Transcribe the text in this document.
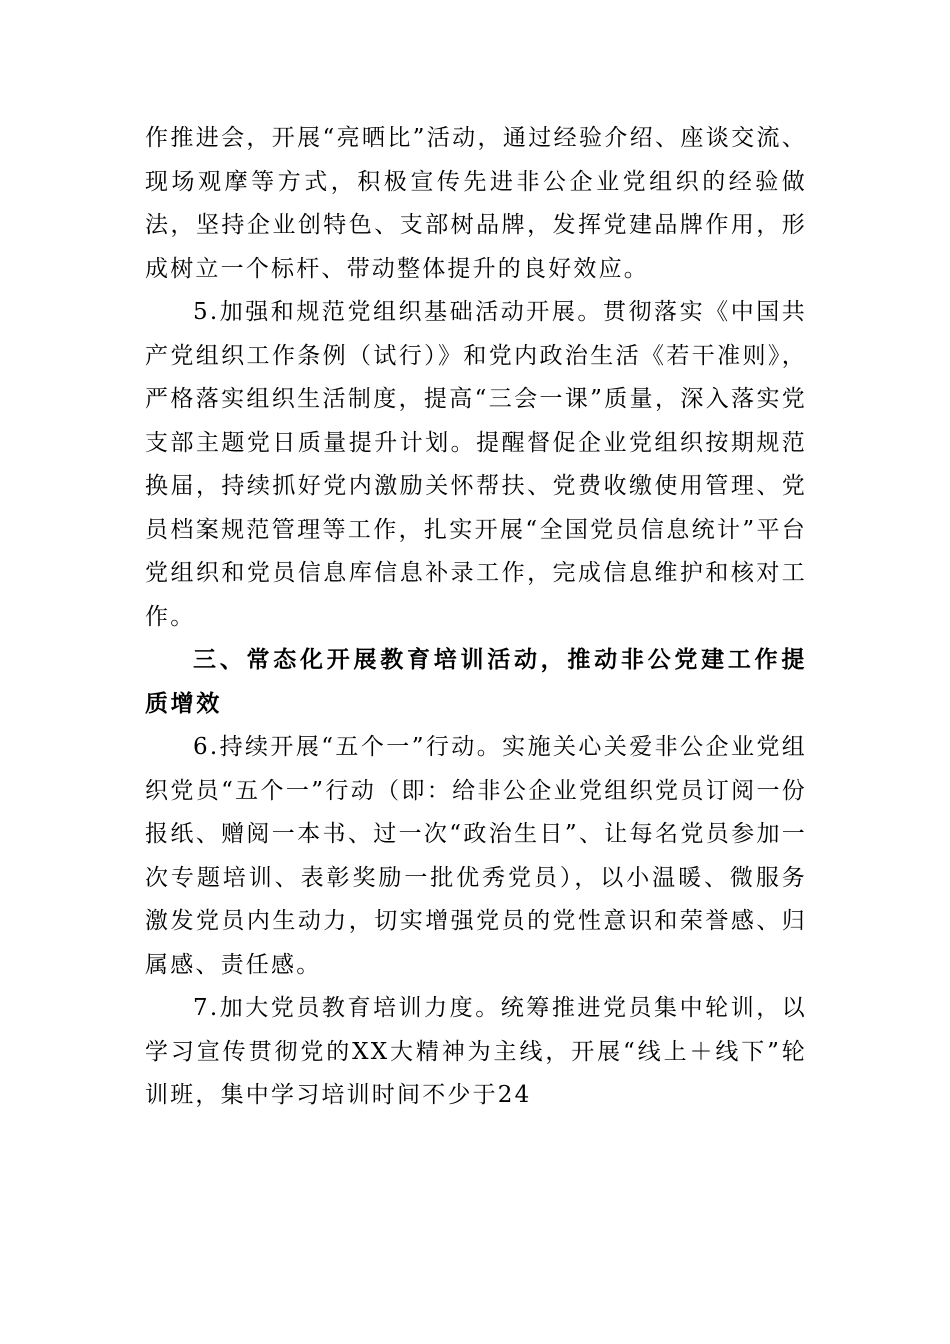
作推进会，开展“亮晒比”活动，通过经验介绍、座谈交流、现场观摩等方式，积极宣传先进非公企业党组织的经验做法，坚持企业创特色、支部树品牌，发挥党建品牌作用，形成树立一个标杆、带动整体提升的良好效应。

5.加强和规范党组织基础活动开展。贯彻落实《中国共产党组织工作条例（试行）》和党内政治生活《若干准则》，严格落实组织生活制度，提高“三会一课”质量，深入落实党支部主题党日质量提升计划。提醒督促企业党组织按期规范换届，持续抓好党内激励关怀帮扶、党费收缴使用管理、党员档案规范管理等工作，扎实开展“全国党员信息统计”平台党组织和党员信息库信息补录工作，完成信息维护和核对工作。

三、常态化开展教育培训活动，推动非公党建工作提质增效

6.持续开展“五个一”行动。实施关心关爱非公企业党组织党员“五个一”行动（即：给非公企业党组织党员订阅一份报纸、赠阅一本书、过一次“政治生日”、让每名党员参加一次专题培训、表彰奖励一批优秀党员），以小温暖、微服务激发党员内生动力，切实增强党员的党性意识和荣誉感、归属感、责任感。

7.加大党员教育培训力度。统筹推进党员集中轮训，以学习宣传贯彻党的XX大精神为主线，开展“线上＋线下”轮训班，集中学习培训时间不少于24
